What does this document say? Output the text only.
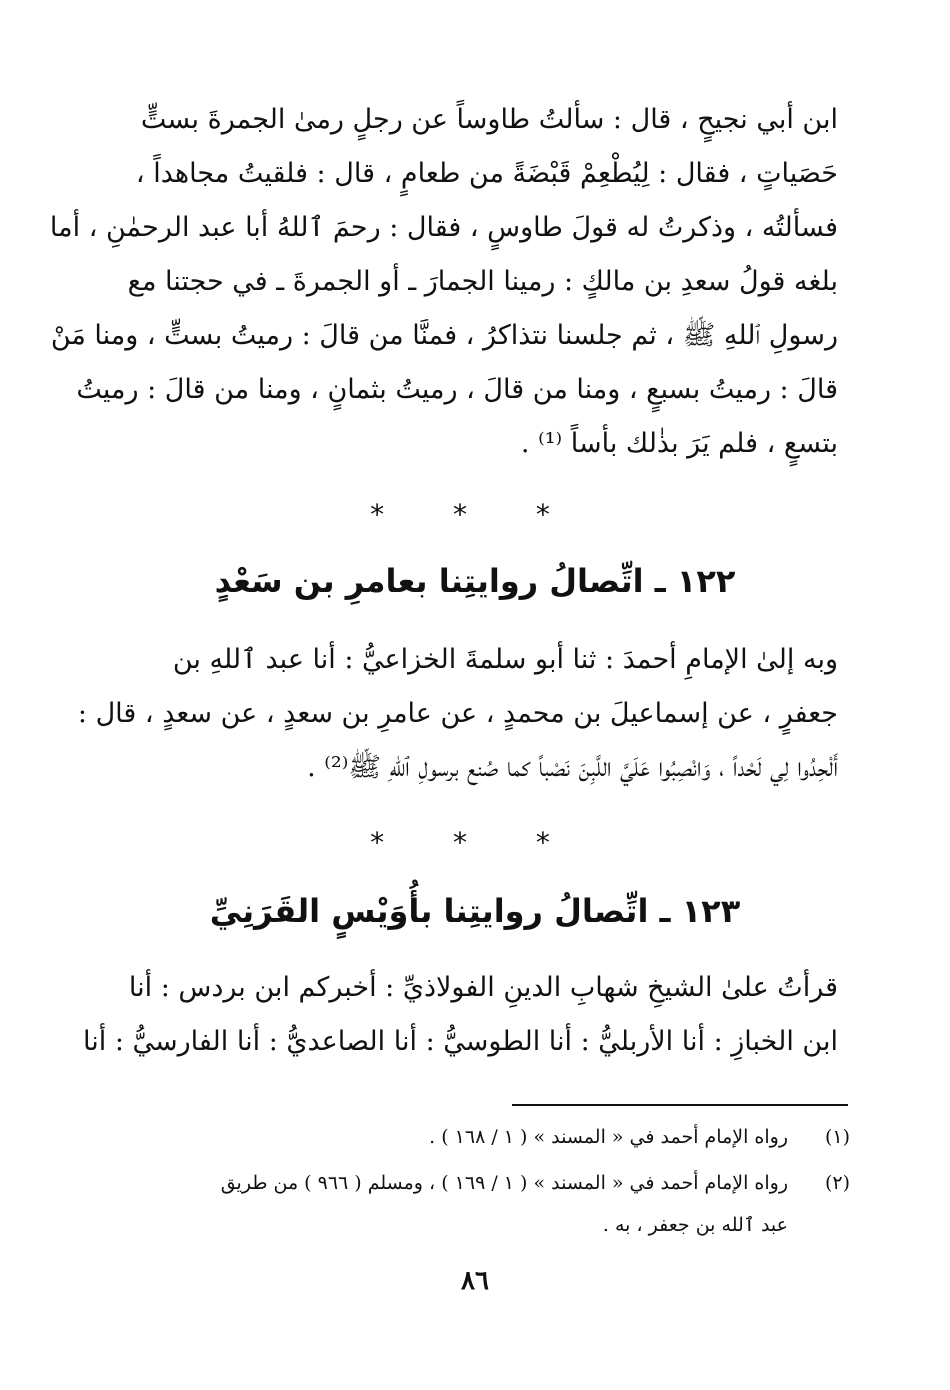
ابن أبي نجيحٍ ، قال : سألتُ طاوساً عن رجلٍ رمىٰ الجمرةَ بستٍّ
حَصَياتٍ ، فقال : لِيُطْعِمْ قَبْضَةً من طعامٍ ، قال : فلقيتُ مجاهداً ،
فسألتُه ، وذكرتُ له قولَ طاوسٍ ، فقال : رحمَ ٱللهُ أبا عبد الرحمٰنِ ، أما
بلغه قولُ سعدِ بن مالكٍ : رمينا الجمارَ ـ أو الجمرةَ ـ في حجتنا مع
رسولِ ٱللهِ ﷺ ، ثم جلسنا نتذاكرُ ، فمنَّا من قالَ : رميتُ بستٍّ ، ومنا مَنْ
قالَ : رميتُ بسبعٍ ، ومنا من قالَ ، رميتُ بثمانٍ ، ومنا من قالَ : رميتُ
بتسعٍ ، فلم يَرَ بذٰلك بأساً ⁽¹⁾ .
* * *
١٢٢ ـ اتِّصالُ روايتِنا بعامرِ بن سَعْدٍ
وبه إلىٰ الإمامِ أحمدَ : ثنا أبو سلمةَ الخزاعيُّ : أنا عبد ٱللهِ بن
جعفرٍ ، عن إسماعيلَ بن محمدٍ ، عن عامرِ بن سعدٍ ، عن سعدٍ ، قال :
أَلْحِدُوا لِي لَحْداً ، وَانْصِبُوا عَلَيَّ اللَّبِنَ نَصْباً كما صُنع برسولِ ٱللهِ ﷺ⁽²⁾ .
* * *
١٢٣ ـ اتِّصالُ روايتِنا بأُوَيْسٍ القَرَنِيِّ
قرأتُ علىٰ الشيخِ شهابِ الدينِ الفولاذيِّ : أخبركم ابن بردس : أنا
ابن الخبازِ : أنا الأربليُّ : أنا الطوسيُّ : أنا الصاعديُّ : أنا الفارسيُّ : أنا
(١)
رواه الإمام أحمد في « المسند » ( ١ / ١٦٨ ) .
(٢)
رواه الإمام أحمد في « المسند » ( ١ / ١٦٩ ) ، ومسلم ( ٩٦٦ ) من طريق
عبد ٱلله بن جعفر ، به .
٨٦
